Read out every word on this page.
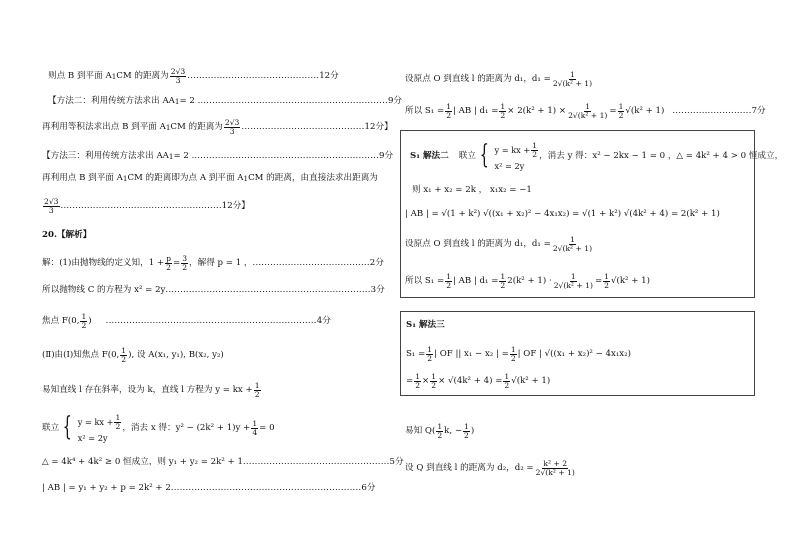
则点 B 到平面 A 1 CM 的距离为 $\frac{2√3}{3}$ ............................................. 12分
【方法二：利用传统方法求出 AA 1 = 2 . ................................................................ 9分
再利用等积法求出点 B 到平面 A 1 CM 的距离为 $\frac{2√3}{3}$ .......................................... 12分】
【方法三：利用传统方法求出 AA 1 = 2 . ............................................................... 9分
再利用点 B 到平面 A 1 CM 的距离即为点 A 到平面 A 1 CM 的距离，由直接法求出距离为
$\frac{2√3}{3}$ ....................................................... 12分】
20.【解析】
解：(1)由抛物线的定义知，$1 + \frac{p}{2} = \frac{3}{2}$ ，解得 p = 1 ， ........................................ 2分
所以抛物线 C 的方程为 x² = 2y ...................................................................... 3分
焦点 F(0, $\frac{1}{2}$ ) ........................................................................ 4分
(Ⅱ)由(Ⅰ)知焦点 F(0, $\frac{1}{2}$ ), 设 A(x₁, y₁), B(x₂, y₂)
易知直线 l 存在斜率，设为 k，直线 l 方程为 y = kx + $\frac{1}{2}$
联立 { y = kx + $\frac{1}{2}$
x² = 2y
，消去 x 得：$y^2 - (2k^2 + 1)y + \frac{1}{4} = 0$
△ = 4k⁴ + 4k² ≥ 0 恒成立，则 y₁ + y₂ = 2k² + 1 .................................................. 5分
| AB | = y₁ + y₂ + p = 2k² + 2 ................................................................. 6分
设原点 O 到直线 l 的距离为 d₁，$d_1 = \frac{1}{\text{2√(k² + 1)}}$
所以 $S_1 = \frac{1}{2}$ | AB | $d_1 = \frac{1}{2} \times 2(k^2 + 1) \times \frac{1}{\text{2√(k² + 1)}} = \frac{1}{2} √(k^2 + 1)$ ........................... 7分
S₁ 解法二 联立 { y = kx + $\frac{1}{2}$
x² = 2y
，消去 y 得：x² − 2kx − 1 = 0 ，△ = 4k² + 4 > 0 恒成立，
则 x₁ + x₂ = 2k ， x₁x₂ = −1
| AB | = √(1 + k²) √((x₁ + x₂)² − 4x₁x₂) = √(1 + k²) √(4k² + 4) = 2(k² + 1)
设原点 O 到直线 l 的距离为 d₁，$d_1 = \frac{1}{\text{2√(k² + 1)}}$
所以 $S_1 = \frac{1}{2}$ | AB | $d_1 = \frac{1}{2} 2(k^2 + 1) \cdot \frac{1}{\text{2√(k² + 1)}} = \frac{1}{2} √(k^2 + 1)$
S₁ 解法三
$S_1 = \frac{1}{2}$ | OF || x₁ − x₂ | = $\frac{1}{2}$ | OF | √((x₁ + x₂)² − 4x₁x₂)
= $\frac{1}{2} \times \frac{1}{2} \times √(4k^2 + 4) = \frac{1}{2} √(k^2 + 1)$
易知 $Q( \frac{1}{2} k$, − $\frac{1}{2}$ )
设 Q 到直线 l 的距离为 d₂，$d_2 = \frac{\text{k² + 2}}{\text{2√(k² + 1)}}$
